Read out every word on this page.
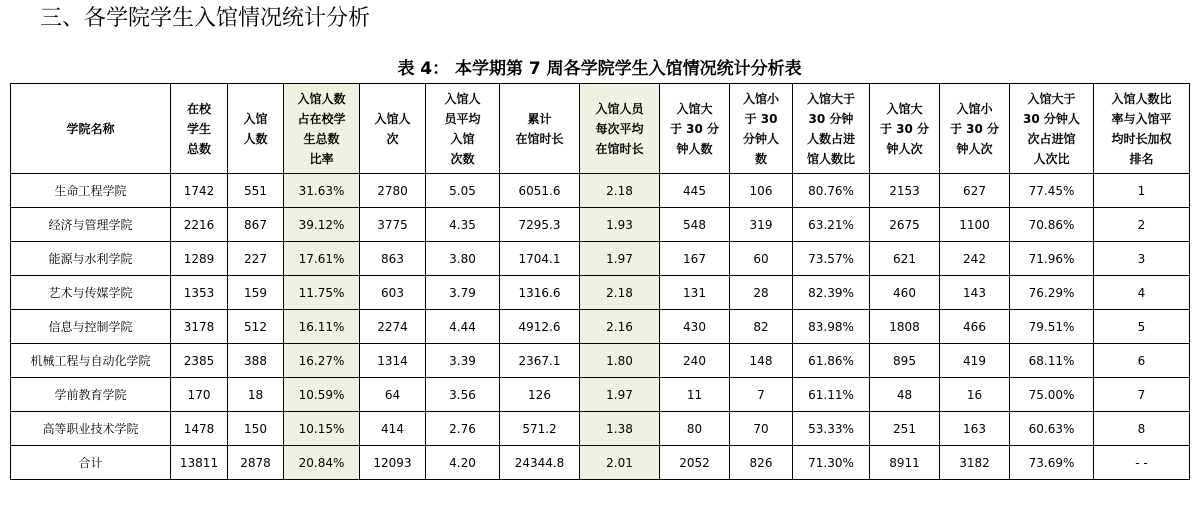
三、各学院学生入馆情况统计分析
表 4： 本学期第 7 周各学院学生入馆情况统计分析表
学院名称	在校学生总数	入馆人数	入馆人数占在校学生总数比率	入馆人次	入馆人员平均入馆次数	累计在馆时长	入馆人员每次平均在馆时长	入馆大于 30 分钟人数	入馆小于 30分钟人数	入馆大于30 分钟人数占进馆人数比	入馆大于 30 分钟人次	入馆小于 30 分钟人次	入馆大于30 分钟人次占进馆人次比	入馆人数比率与入馆平均时长加权排名
生命工程学院	1742	551	31.63%	2780	5.05	6051.6	2.18	445	106	80.76%	2153	627	77.45%	1
经济与管理学院	2216	867	39.12%	3775	4.35	7295.3	1.93	548	319	63.21%	2675	1100	70.86%	2
能源与水利学院	1289	227	17.61%	863	3.80	1704.1	1.97	167	60	73.57%	621	242	71.96%	3
艺术与传媒学院	1353	159	11.75%	603	3.79	1316.6	2.18	131	28	82.39%	460	143	76.29%	4
信息与控制学院	3178	512	16.11%	2274	4.44	4912.6	2.16	430	82	83.98%	1808	466	79.51%	5
机械工程与自动化学院	2385	388	16.27%	1314	3.39	2367.1	1.80	240	148	61.86%	895	419	68.11%	6
学前教育学院	170	18	10.59%	64	3.56	126	1.97	11	7	61.11%	48	16	75.00%	7
高等职业技术学院	1478	150	10.15%	414	2.76	571.2	1.38	80	70	53.33%	251	163	60.63%	8
合计	13811	2878	20.84%	12093	4.20	24344.8	2.01	2052	826	71.30%	8911	3182	73.69%	- -
